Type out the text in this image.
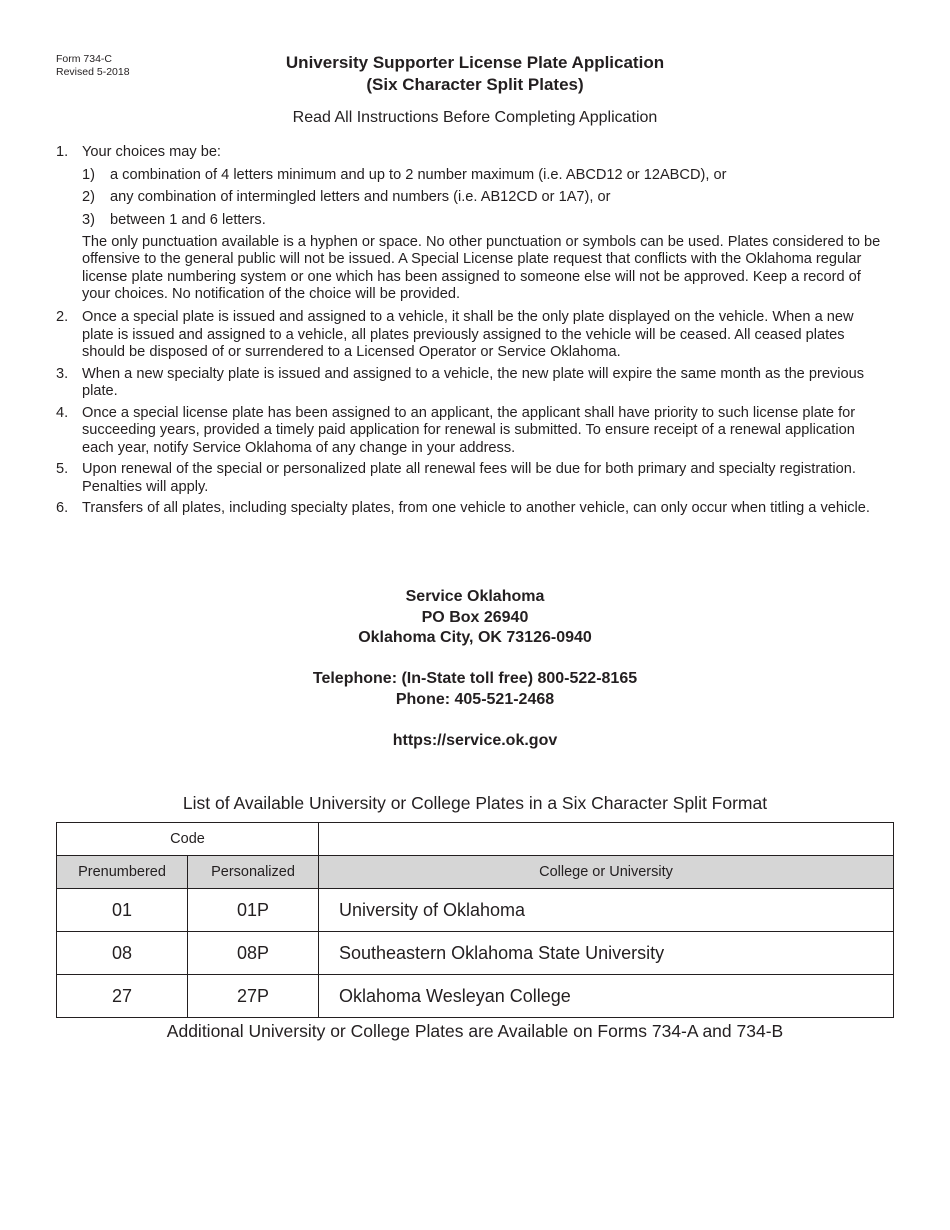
Form 734-C
Revised 5-2018	University Supporter License Plate Application
(Six Character Split Plates)
Read All Instructions Before Completing Application
1. Your choices may be:
1) a combination of 4 letters minimum and up to 2 number maximum (i.e. ABCD12 or 12ABCD), or
2) any combination of intermingled letters and numbers (i.e. AB12CD or 1A7), or
3) between 1 and 6 letters.
The only punctuation available is a hyphen or space. No other punctuation or symbols can be used. Plates considered to be offensive to the general public will not be issued. A Special License plate request that conflicts with the Oklahoma regular license plate numbering system or one which has been assigned to someone else will not be approved. Keep a record of your choices. No notification of the choice will be provided.
2. Once a special plate is issued and assigned to a vehicle, it shall be the only plate displayed on the vehicle. When a new plate is issued and assigned to a vehicle, all plates previously assigned to the vehicle will be ceased. All ceased plates should be disposed of or surrendered to a Licensed Operator or Service Oklahoma.
3. When a new specialty plate is issued and assigned to a vehicle, the new plate will expire the same month as the previous plate.
4. Once a special license plate has been assigned to an applicant, the applicant shall have priority to such license plate for succeeding years, provided a timely paid application for renewal is submitted. To ensure receipt of a renewal application each year, notify Service Oklahoma of any change in your address.
5. Upon renewal of the special or personalized plate all renewal fees will be due for both primary and specialty registration. Penalties will apply.
6. Transfers of all plates, including specialty plates, from one vehicle to another vehicle, can only occur when titling a vehicle.
Service Oklahoma
PO Box 26940
Oklahoma City, OK 73126-0940
Telephone: (In-State toll free) 800-522-8165
Phone: 405-521-2468
https://service.ok.gov
List of Available University or College Plates in a Six Character Split Format
Code		
Prenumbered	Personalized	College or University
01	01P	University of Oklahoma
08	08P	Southeastern Oklahoma State University
27	27P	Oklahoma Wesleyan College
Additional University or College Plates are Available on Forms 734-A and 734-B
